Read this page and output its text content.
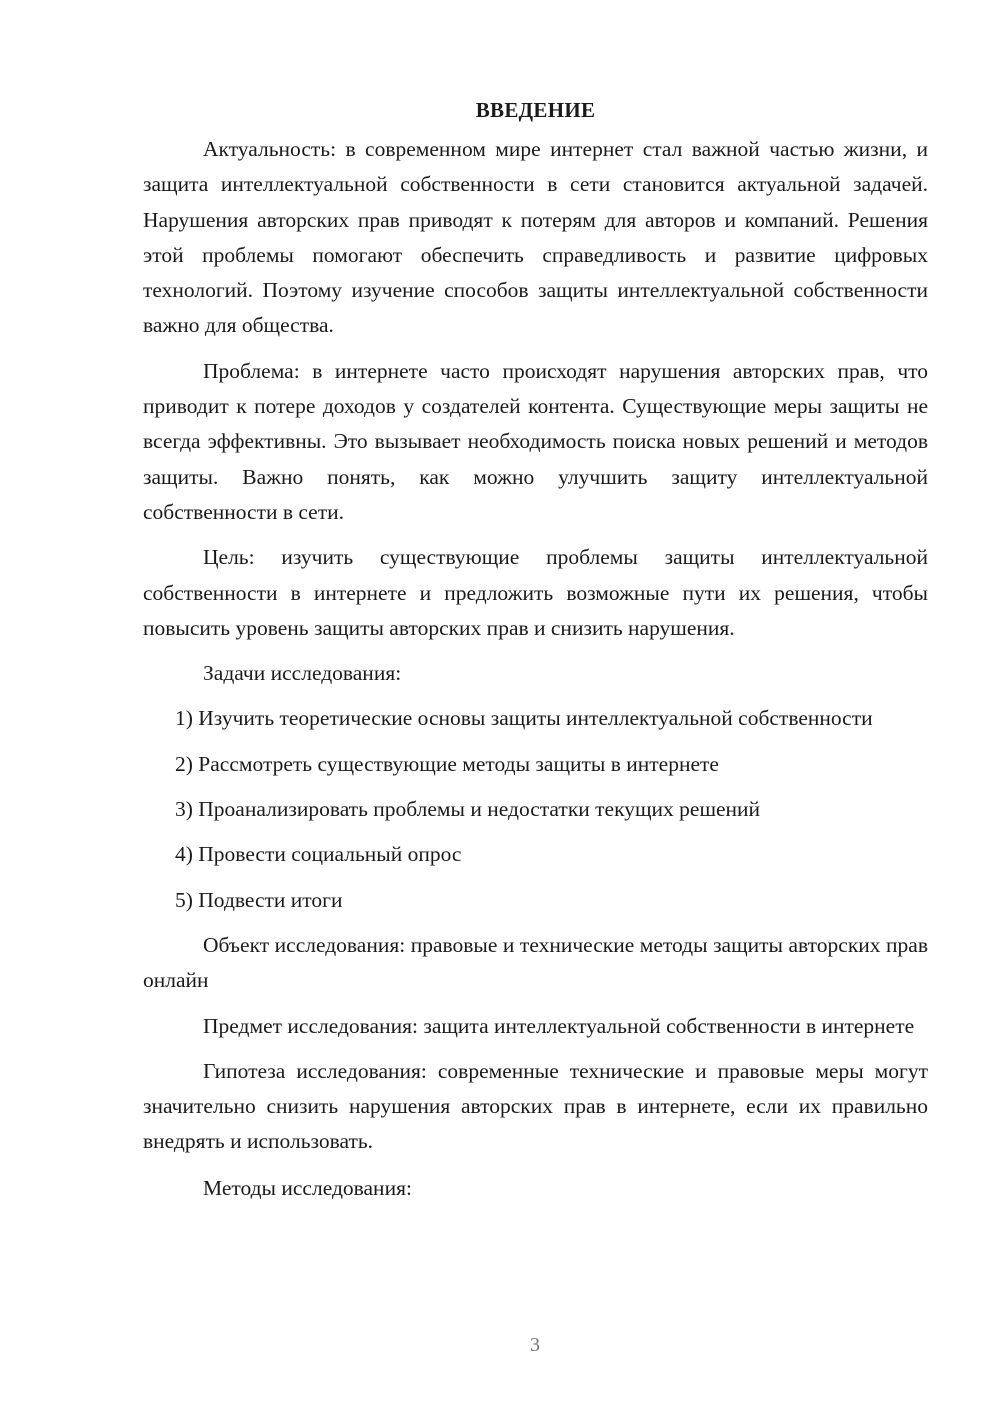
ВВЕДЕНИЕ

Актуальность: в современном мире интернет стал важной частью жизни, и защита интеллектуальной собственности в сети становится актуальной задачей. Нарушения авторских прав приводят к потерям для авторов и компаний. Решения этой проблемы помогают обеспечить справедливость и развитие цифровых технологий. Поэтому изучение способов защиты интеллектуальной собственности важно для общества.

Проблема: в интернете часто происходят нарушения авторских прав, что приводит к потере доходов у создателей контента. Существующие меры защиты не всегда эффективны. Это вызывает необходимость поиска новых решений и методов защиты. Важно понять, как можно улучшить защиту интеллектуальной собственности в сети.

Цель: изучить существующие проблемы защиты интеллектуальной собственности в интернете и предложить возможные пути их решения, чтобы повысить уровень защиты авторских прав и снизить нарушения.

Задачи исследования:

1) Изучить теоретические основы защиты интеллектуальной собственности

2) Рассмотреть существующие методы защиты в интернете

3) Проанализировать проблемы и недостатки текущих решений

4) Провести социальный опрос

5) Подвести итоги

Объект исследования: правовые и технические методы защиты авторских прав онлайн

Предмет исследования: защита интеллектуальной собственности в интернете

Гипотеза исследования: современные технические и правовые меры могут значительно снизить нарушения авторских прав в интернете, если их правильно внедрять и использовать.

Методы исследования:

3
